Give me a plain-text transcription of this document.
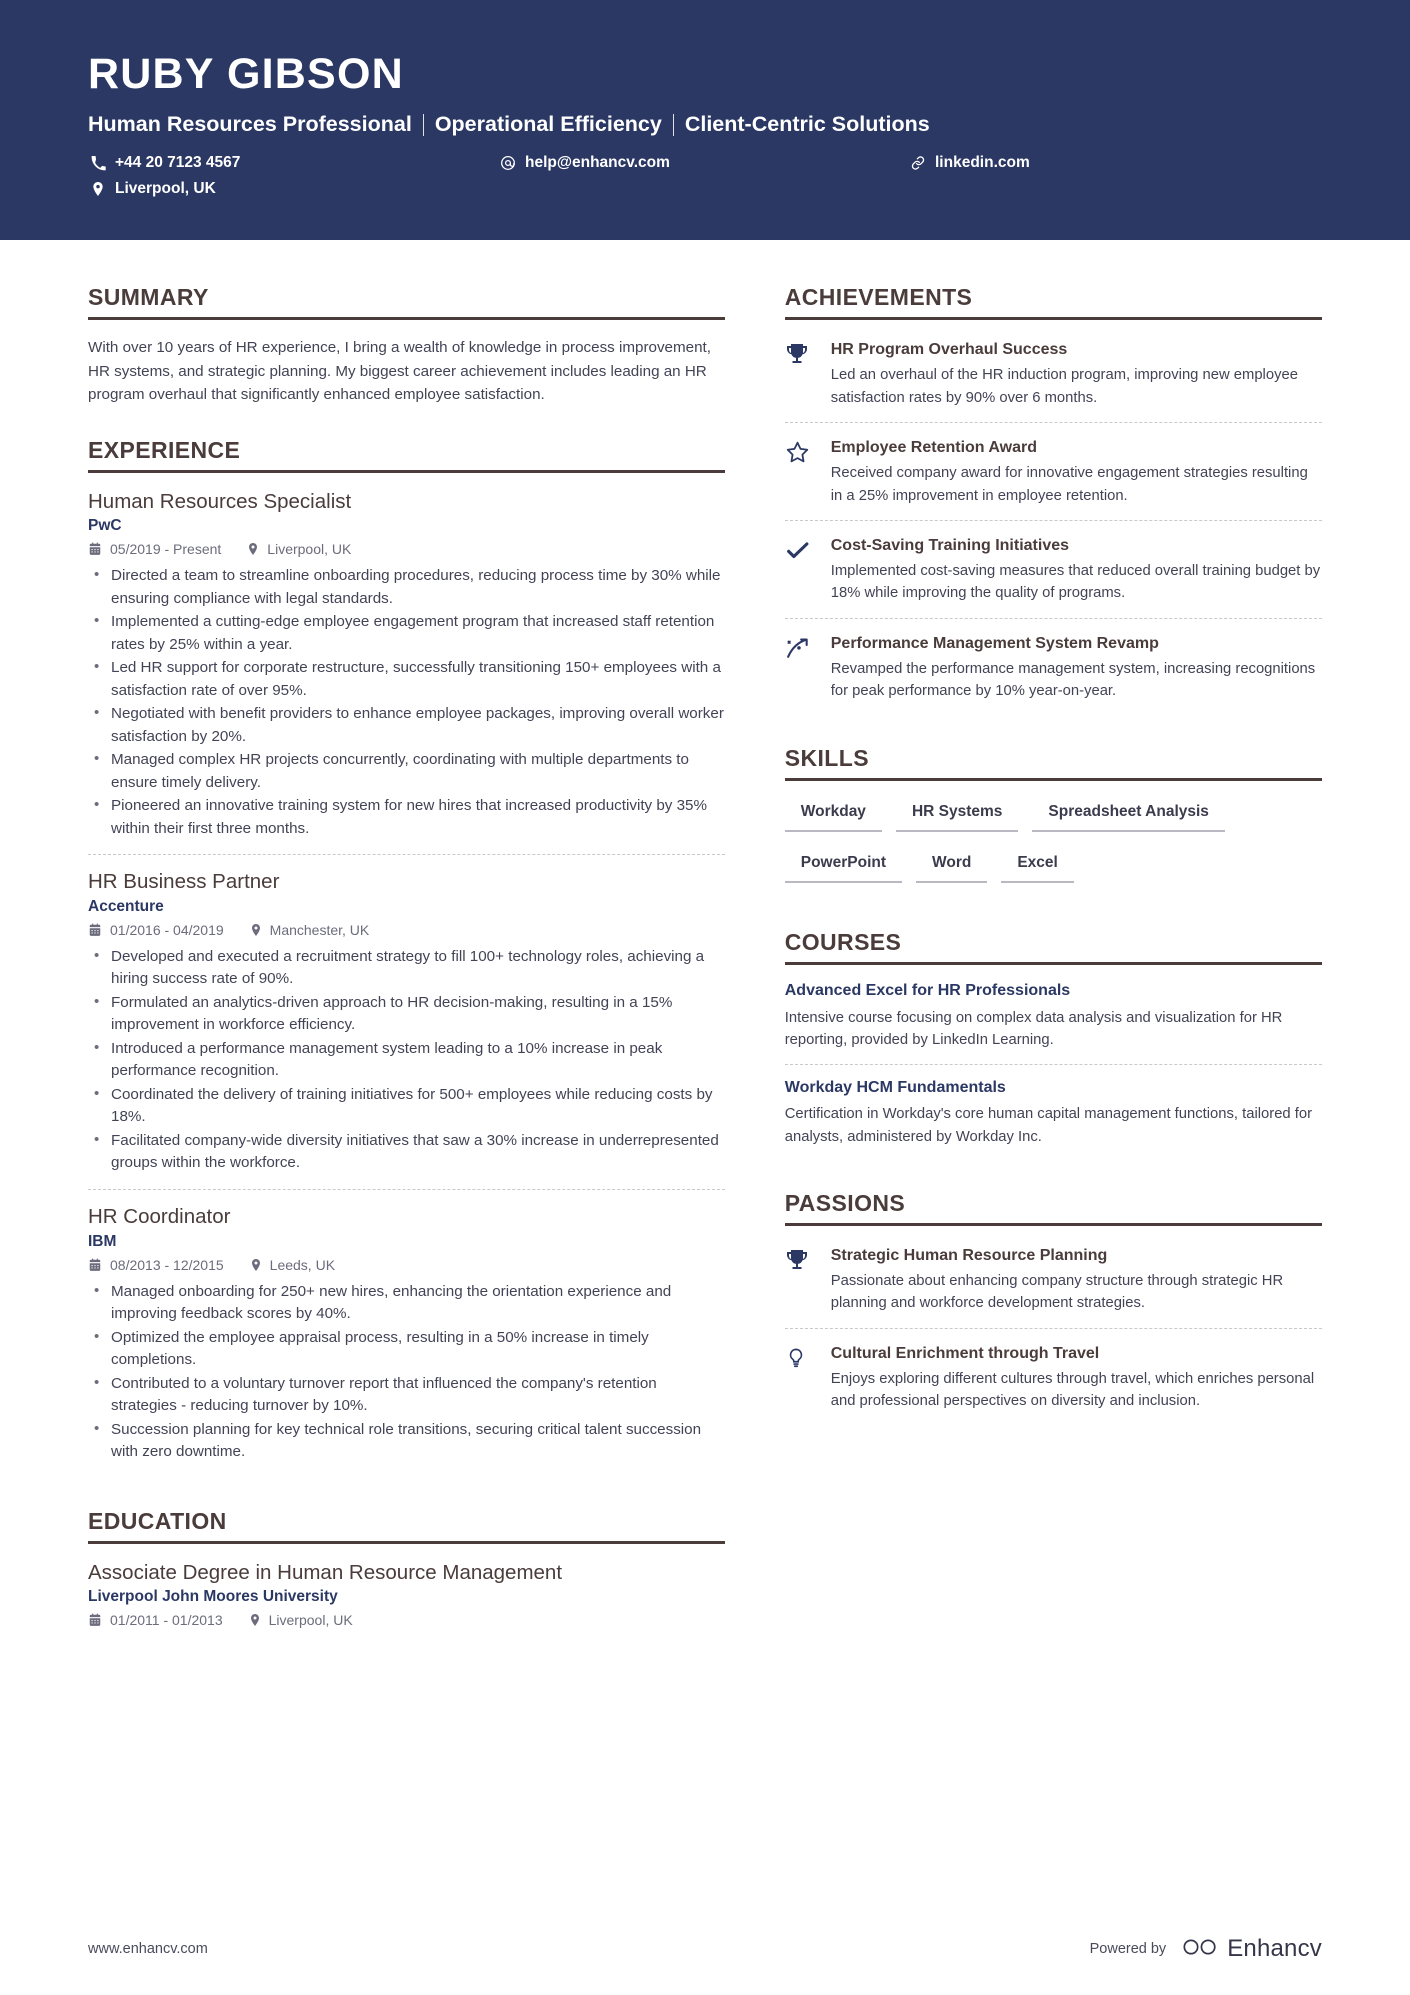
RUBY GIBSON
Human Resources Professional Operational Efficiency Client-Centric Solutions
+44 20 7123 4567	help@enhancv.com	linkedin.com
Liverpool, UK
SUMMARY
With over 10 years of HR experience, I bring a wealth of knowledge in process improvement, HR systems, and strategic planning. My biggest career achievement includes leading an HR program overhaul that significantly enhanced employee satisfaction.
EXPERIENCE
Human Resources Specialist
PwC
05/2019 - Present	Liverpool, UK
• Directed a team to streamline onboarding procedures, reducing process time by 30% while ensuring compliance with legal standards.
• Implemented a cutting-edge employee engagement program that increased staff retention rates by 25% within a year.
• Led HR support for corporate restructure, successfully transitioning 150+ employees with a satisfaction rate of over 95%.
• Negotiated with benefit providers to enhance employee packages, improving overall worker satisfaction by 20%.
• Managed complex HR projects concurrently, coordinating with multiple departments to ensure timely delivery.
• Pioneered an innovative training system for new hires that increased productivity by 35% within their first three months.
HR Business Partner
Accenture
01/2016 - 04/2019	Manchester, UK
• Developed and executed a recruitment strategy to fill 100+ technology roles, achieving a hiring success rate of 90%.
• Formulated an analytics-driven approach to HR decision-making, resulting in a 15% improvement in workforce efficiency.
• Introduced a performance management system leading to a 10% increase in peak performance recognition.
• Coordinated the delivery of training initiatives for 500+ employees while reducing costs by 18%.
• Facilitated company-wide diversity initiatives that saw a 30% increase in underrepresented groups within the workforce.
HR Coordinator
IBM
08/2013 - 12/2015	Leeds, UK
• Managed onboarding for 250+ new hires, enhancing the orientation experience and improving feedback scores by 40%.
• Optimized the employee appraisal process, resulting in a 50% increase in timely completions.
• Contributed to a voluntary turnover report that influenced the company's retention strategies - reducing turnover by 10%.
• Succession planning for key technical role transitions, securing critical talent succession with zero downtime.
EDUCATION
Associate Degree in Human Resource Management
Liverpool John Moores University
01/2011 - 01/2013	Liverpool, UK
ACHIEVEMENTS
HR Program Overhaul Success
Led an overhaul of the HR induction program, improving new employee satisfaction rates by 90% over 6 months.
Employee Retention Award
Received company award for innovative engagement strategies resulting in a 25% improvement in employee retention.
Cost-Saving Training Initiatives
Implemented cost-saving measures that reduced overall training budget by 18% while improving the quality of programs.
Performance Management System Revamp
Revamped the performance management system, increasing recognitions for peak performance by 10% year-on-year.
SKILLS
Workday	HR Systems	Spreadsheet Analysis
PowerPoint	Word	Excel
COURSES
Advanced Excel for HR Professionals
Intensive course focusing on complex data analysis and visualization for HR reporting, provided by LinkedIn Learning.
Workday HCM Fundamentals
Certification in Workday's core human capital management functions, tailored for analysts, administered by Workday Inc.
PASSIONS
Strategic Human Resource Planning
Passionate about enhancing company structure through strategic HR planning and workforce development strategies.
Cultural Enrichment through Travel
Enjoys exploring different cultures through travel, which enriches personal and professional perspectives on diversity and inclusion.
www.enhancv.com	Powered by	Enhancv
